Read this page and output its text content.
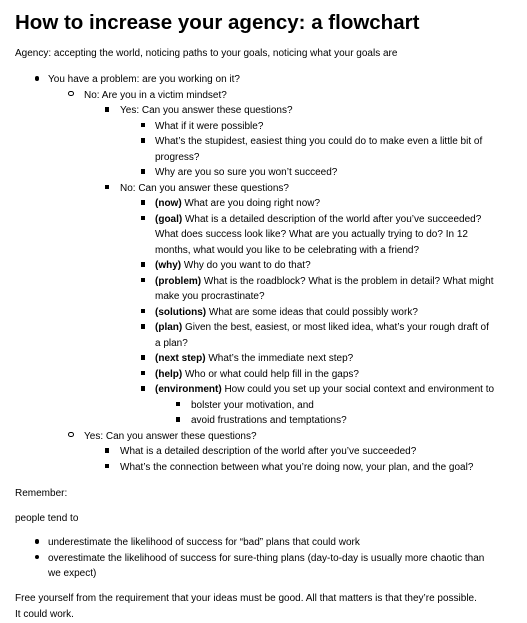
How to increase your agency: a flowchart

Agency: accepting the world, noticing paths to your goals, noticing what your goals are

You have a problem: are you working on it?
No: Are you in a victim mindset?
Yes: Can you answer these questions?
What if it were possible?
What’s the stupidest, easiest thing you could do to make even a little bit of
progress?
Why are you so sure you won’t succeed?
No: Can you answer these questions?
(now) What are you doing right now?
(goal) What is a detailed description of the world after you’ve succeeded?
What does success look like? What are you actually trying to do? In 12
months, what would you like to be celebrating with a friend?
(why) Why do you want to do that?
(problem) What is the roadblock? What is the problem in detail? What might
make you procrastinate?
(solutions) What are some ideas that could possibly work?
(plan) Given the best, easiest, or most liked idea, what’s your rough draft of
a plan?
(next step) What’s the immediate next step?
(help) Who or what could help fill in the gaps?
(environment) How could you set up your social context and environment to
bolster your motivation, and
avoid frustrations and temptations?
Yes: Can you answer these questions?
What is a detailed description of the world after you’ve succeeded?
What’s the connection between what you’re doing now, your plan, and the goal?

Remember:

people tend to

underestimate the likelihood of success for “bad” plans that could work
overestimate the likelihood of success for sure-thing plans (day-to-day is usually more chaotic than
we expect)

Free yourself from the requirement that your ideas must be good. All that matters is that they’re possible.

It could work.
